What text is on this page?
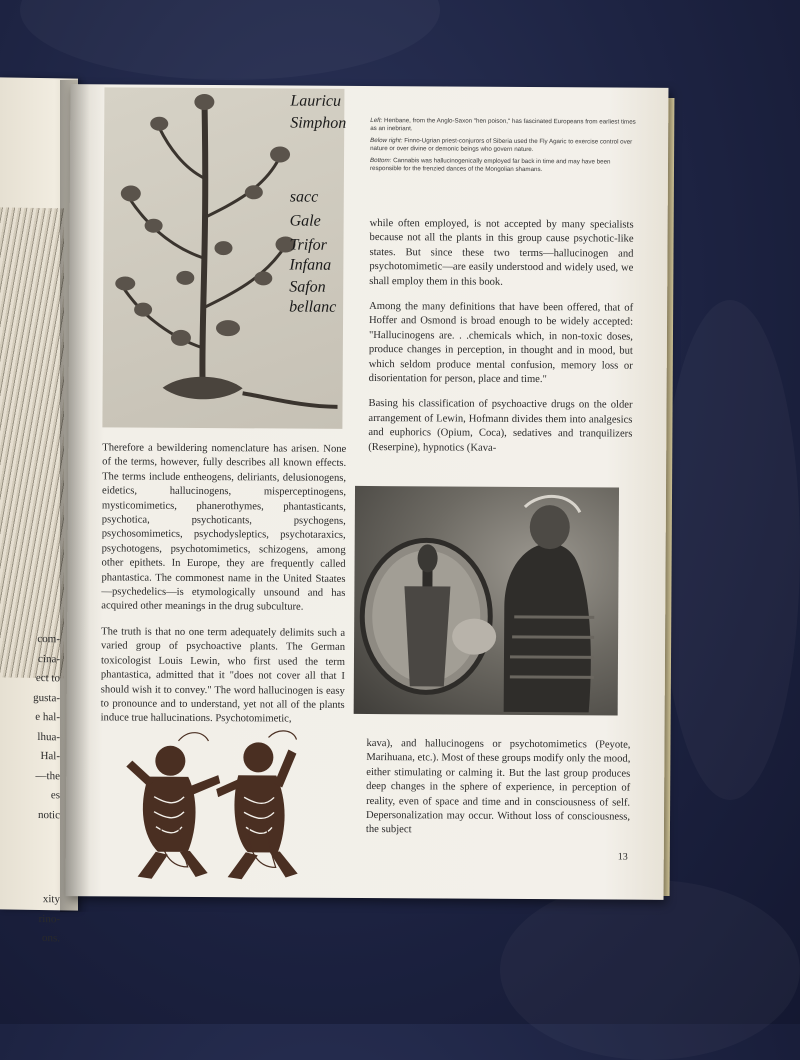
com-
cina-
ect to
gusta-
e hal-
lhua-
Hal-
—the
es
notic
xity
rino-
ons.
Lauricu
Simphon
sacc
Gale
Trifor
Infana
Safon
bellanc

Left: Henbane, from the Anglo-Saxon "hen poison," has fascinated Europeans from earliest times as an inebriant.

Below right: Finno-Ugrian priest-conjurors of Siberia used the Fly Agaric to exercise control over nature or over divine or demonic beings who govern nature.

Bottom: Cannabis was hallucinogenically employed far back in time and may have been responsible for the frenzied dances of the Mongolian shamans.

while often employed, is not accepted by many specialists because not all the plants in this group cause psychotic-like states. But since these two terms—hallucinogen and psychotomimetic—are easily understood and widely used, we shall employ them in this book.

Among the many definitions that have been offered, that of Hoffer and Osmond is broad enough to be widely accepted: "Hallucinogens are. . .chemicals which, in non-toxic doses, produce changes in perception, in thought and in mood, but which seldom produce mental confusion, memory loss or disorientation for person, place and time."

Basing his classification of psychoactive drugs on the older arrangement of Lewin, Hofmann divides them into analgesics and euphorics (Opium, Coca), sedatives and tranquilizers (Reserpine), hypnotics (Kava-

Therefore a bewildering nomenclature has arisen. None of the terms, however, fully describes all known effects. The terms include entheogens, deliriants, delusionogens, eidetics, hallucinogens, misperceptinogens, mysticomimetics, phanerothymes, phantasticants, psychotica, psychoticants, psychogens, psychosomimetics, psychodysleptics, psychotaraxics, psychotogens, psychotomimetics, schizogens, among other epithets. In Europe, they are frequently called phantastica. The commonest name in the United Staates—psychedelics—is etymologically unsound and has acquired other meanings in the drug subculture.

The truth is that no one term adequately delimits such a varied group of psychoactive plants. The German toxicologist Louis Lewin, who first used the term phantastica, admitted that it "does not cover all that I should wish it to convey." The word hallucinogen is easy to pronounce and to understand, yet not all of the plants induce true hallucinations. Psychotomimetic,

kava), and hallucinogens or psychotomimetics (Peyote, Marihuana, etc.). Most of these groups modify only the mood, either stimulating or calming it. But the last group produces deep changes in the sphere of experience, in perception of reality, even of space and time and in consciousness of self. Depersonalization may occur. Without loss of consciousness, the subject

13
